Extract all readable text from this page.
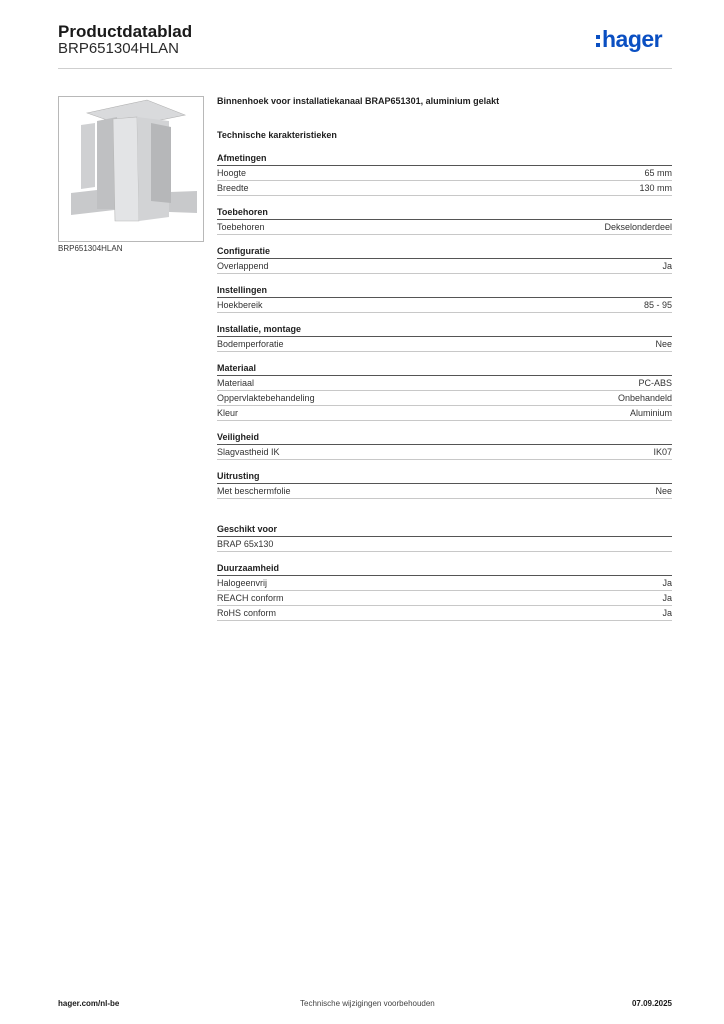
Productdatablad
BRP651304HLAN	hager
BRP651304HLAN
Binnenhoek voor installatiekanaal BRAP651301, aluminium gelakt
Technische karakteristieken
Afmetingen
Hoogte	65 mm
Breedte	130 mm
Toebehoren
Toebehoren	Dekselonderdeel
Configuratie
Overlappend	Ja
Instellingen
Hoekbereik	85 - 95
Installatie, montage
Bodemperforatie	Nee
Materiaal
Materiaal	PC-ABS
Oppervlaktebehandeling	Onbehandeld
Kleur	Aluminium
Veiligheid
Slagvastheid IK	IK07
Uitrusting
Met beschermfolie	Nee
Geschikt voor
BRAP 65x130
Duurzaamheid
Halogeenvrij	Ja
REACH conform	Ja
RoHS conform	Ja
hager.com/nl-be	Technische wijzigingen voorbehouden	07.09.2025
